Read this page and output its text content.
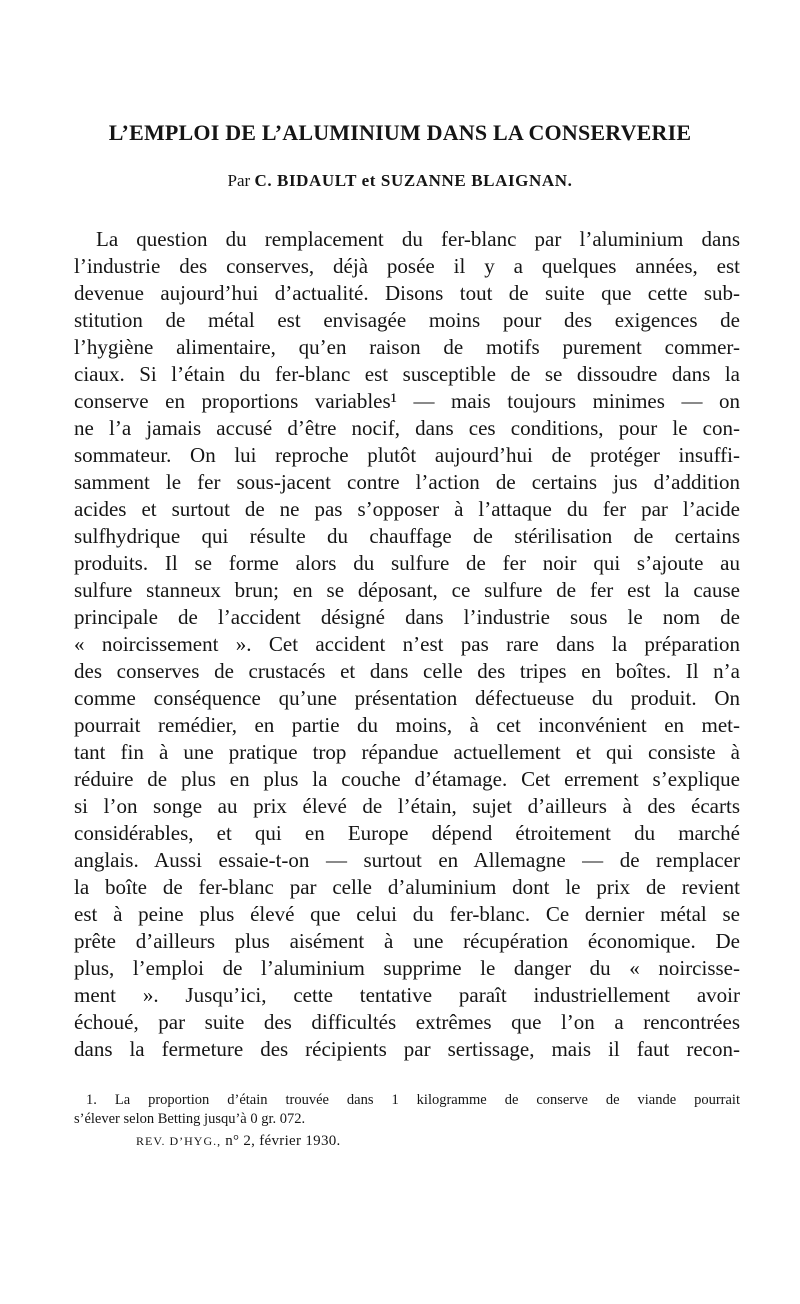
L’EMPLOI DE L’ALUMINIUM DANS LA CONSERVERIE

Par C. BIDAULT et SUZANNE BLAIGNAN.

La question du remplacement du fer-blanc par l’aluminium dans
l’industrie des conserves, déjà posée il y a quelques années, est
devenue aujourd’hui d’actualité. Disons tout de suite que cette sub-
stitution de métal est envisagée moins pour des exigences de
l’hygiène alimentaire, qu’en raison de motifs purement commer-
ciaux. Si l’étain du fer-blanc est susceptible de se dissoudre dans la
conserve en proportions variables¹ — mais toujours minimes — on
ne l’a jamais accusé d’être nocif, dans ces conditions, pour le con-
sommateur. On lui reproche plutôt aujourd’hui de protéger insuffi-
samment le fer sous-jacent contre l’action de certains jus d’addition
acides et surtout de ne pas s’opposer à l’attaque du fer par l’acide
sulfhydrique qui résulte du chauffage de stérilisation de certains
produits. Il se forme alors du sulfure de fer noir qui s’ajoute au
sulfure stanneux brun; en se déposant, ce sulfure de fer est la cause
principale de l’accident désigné dans l’industrie sous le nom de
« noircissement ». Cet accident n’est pas rare dans la préparation
des conserves de crustacés et dans celle des tripes en boîtes. Il n’a
comme conséquence qu’une présentation défectueuse du produit. On
pourrait remédier, en partie du moins, à cet inconvénient en met-
tant fin à une pratique trop répandue actuellement et qui consiste à
réduire de plus en plus la couche d’étamage. Cet errement s’explique
si l’on songe au prix élevé de l’étain, sujet d’ailleurs à des écarts
considérables, et qui en Europe dépend étroitement du marché
anglais. Aussi essaie-t-on — surtout en Allemagne — de remplacer
la boîte de fer-blanc par celle d’aluminium dont le prix de revient
est à peine plus élevé que celui du fer-blanc. Ce dernier métal se
prête d’ailleurs plus aisément à une récupération économique. De
plus, l’emploi de l’aluminium supprime le danger du « noircisse-
ment ». Jusqu’ici, cette tentative paraît industriellement avoir
échoué, par suite des difficultés extrêmes que l’on a rencontrées
dans la fermeture des récipients par sertissage, mais il faut recon-
1. La proportion d’étain trouvée dans 1 kilogramme de conserve de viande pourrait
s’élever selon Betting jusqu’à 0 gr. 072.

REV. D’HYG., n° 2, février 1930.
